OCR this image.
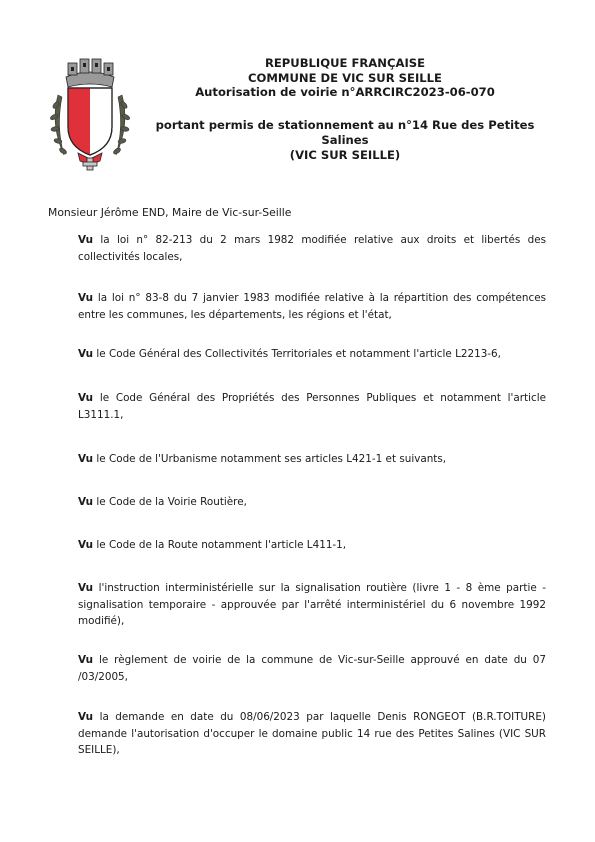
REPUBLIQUE FRANÇAISE
COMMUNE DE VIC SUR SEILLE
Autorisation de voirie n°ARRCIRC2023-06-070
portant permis de stationnement au n°14 Rue des Petites Salines
(VIC SUR SEILLE)
Monsieur Jérôme END, Maire de Vic-sur-Seille
Vu la loi n° 82-213 du 2 mars 1982 modifiée relative aux droits et libertés des collectivités locales,
Vu la loi n° 83-8 du 7 janvier 1983 modifiée relative à la répartition des compétences entre les communes, les départements, les régions et l'état,
Vu le Code Général des Collectivités Territoriales et notamment l'article L2213-6,
Vu le Code Général des Propriétés des Personnes Publiques et notamment l'article L3111.1,
Vu le Code de l'Urbanisme notamment ses articles L421-1 et suivants,
Vu le Code de la Voirie Routière,
Vu le Code de la Route notamment l'article L411-1,
Vu l'instruction interministérielle sur la signalisation routière (livre 1 - 8 ème partie - signalisation temporaire - approuvée par l'arrêté interministériel du 6 novembre 1992 modifié),
Vu le règlement de voirie de la commune de Vic-sur-Seille approuvé en date du 07 /03/2005,
Vu la demande en date du 08/06/2023 par laquelle Denis RONGEOT (B.R.TOITURE) demande l'autorisation d'occuper le domaine public 14 rue des Petites Salines (VIC SUR SEILLE),
